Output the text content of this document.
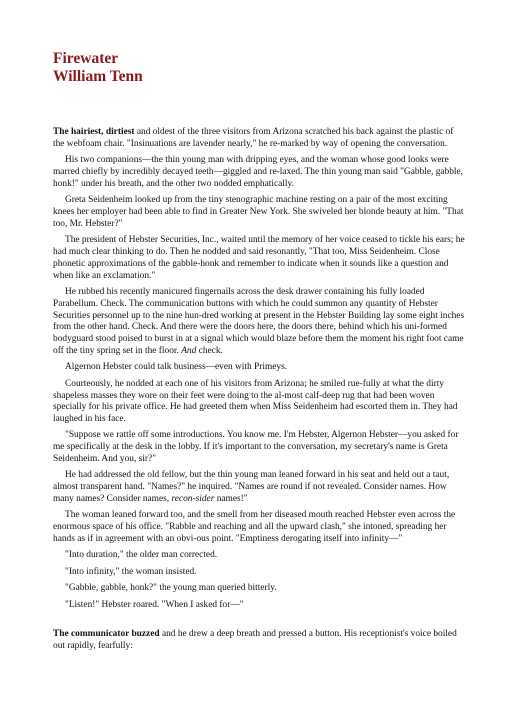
Firewater
William Tenn

The hairiest, dirtiest and oldest of the three visitors from Arizona scratched his back against the plastic of the webfoam chair. "Insinuations are lavender nearly," he re-marked by way of opening the conversation.

His two companions—the thin young man with dripping eyes, and the woman whose good looks were marred chiefly by incredibly decayed teeth—giggled and re-laxed. The thin young man said "Gabble, gabble, honk!" under his breath, and the other two nodded emphatically.

Greta Seidenheim looked up from the tiny stenographic machine resting on a pair of the most exciting knees her employer had been able to find in Greater New York. She swiveled her blonde beauty at him. "That too, Mr. Hebster?"

The president of Hebster Securities, Inc., waited until the memory of her voice ceased to tickle his ears; he had much clear thinking to do. Then he nodded and said resonantly, "That too, Miss Seidenheim. Close phonetic approximations of the gabble-honk and remember to indicate when it sounds like a question and when like an exclamation."

He rubbed his recently manicured fingernails across the desk drawer containing his fully loaded Parabellum. Check. The communication buttons with which he could summon any quantity of Hebster Securities personnel up to the nine hun-dred working at present in the Hebster Building lay some eight inches from the other hand. Check. And there were the doors here, the doors there, behind which his uni-formed bodyguard stood poised to burst in at a signal which would blaze before them the moment his right foot came off the tiny spring set in the floor. And check.

Algernon Hebster could talk business—even with Primeys.

Courteously, he nodded at each one of his visitors from Arizona; he smiled rue-fully at what the dirty shapeless masses they wore on their feet were doing to the al-most calf-deep rug that had been woven specially for his private office. He had greeted them when Miss Seidenheim had escorted them in. They had laughed in his face.

"Suppose we rattle off some introductions. You know me. I'm Hebster, Algernon Hebster—you asked for me specifically at the desk in the lobby. If it's important to the conversation, my secretary's name is Greta Seidenheim. And you, sir?"

He had addressed the old fellow, but the thin young man leaned forward in his seat and held out a taut, almost transparent hand. "Names?" he inquired. "Names are round if not revealed. Consider names. How many names? Consider names, recon-sider names!"

The woman leaned forward too, and the smell from her diseased mouth reached Hebster even across the enormous space of his office. "Rabble and reaching and all the upward clash," she intoned, spreading her hands as if in agreement with an obvi-ous point. "Emptiness derogating itself into infinity—"

"Into duration," the older man corrected.

"Into infinity," the woman insisted.

"Gabble, gabble, honk?" the young man queried bitterly.

"Listen!" Hebster roared. "When I asked for—"

The communicator buzzed and he drew a deep breath and pressed a button. His receptionist's voice boiled out rapidly, fearfully:
